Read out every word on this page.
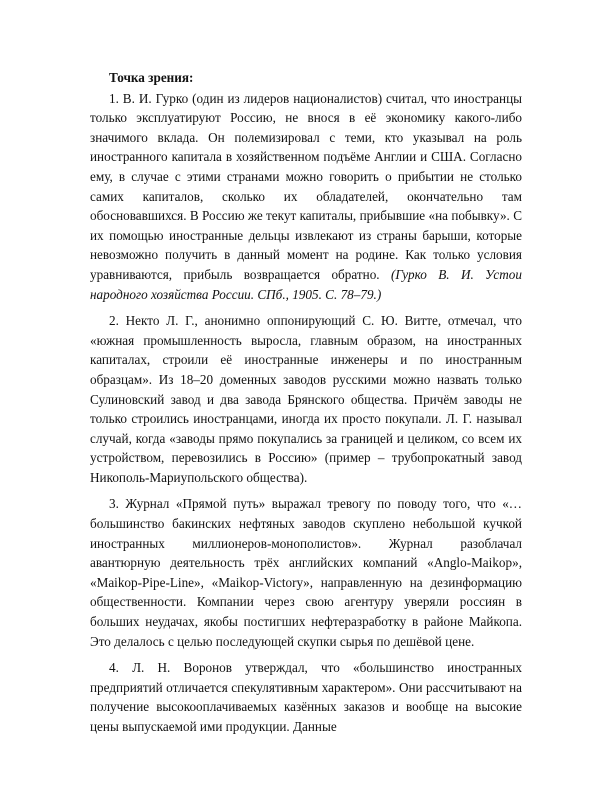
Точка зрения:

1. В. И. Гурко (один из лидеров националистов) считал, что иностранцы только эксплуатируют Россию, не внося в её экономику какого-либо значимого вклада. Он полемизировал с теми, кто указывал на роль иностранного капитала в хозяйственном подъёме Англии и США. Согласно ему, в случае с этими странами можно говорить о прибытии не столько самих капиталов, сколько их обладателей, окончательно там обосновавшихся. В Россию же текут капиталы, прибывшие «на побывку». С их помощью иностранные дельцы извлекают из страны барыши, которые невозможно получить в данный момент на родине. Как только условия уравниваются, прибыль возвращается обратно. (Гурко В. И. Устои народного хозяйства России. СПб., 1905. С. 78–79.)

2. Некто Л. Г., анонимно оппонирующий С. Ю. Витте, отмечал, что «южная промышленность выросла, главным образом, на иностранных капиталах, строили её иностранные инженеры и по иностранным образцам». Из 18–20 доменных заводов русскими можно назвать только Сулиновский завод и два завода Брянского общества. Причём заводы не только строились иностранцами, иногда их просто покупали. Л. Г. называл случай, когда «заводы прямо покупались за границей и целиком, со всем их устройством, перевозились в Россию» (пример – трубопрокатный завод Никополь-Мариупольского общества).

3. Журнал «Прямой путь» выражал тревогу по поводу того, что «…большинство бакинских нефтяных заводов скуплено небольшой кучкой иностранных миллионеров-монополистов». Журнал разоблачал авантюрную деятельность трёх английских компаний «Anglo-Maikop», «Maikop-Pipe-Line», «Maikop-Victory», направленную на дезинформацию общественности. Компании через свою агентуру уверяли россиян в больших неудачах, якобы постигших нефтеразработку в районе Майкопа. Это делалось с целью последующей скупки сырья по дешёвой цене.

4. Л. Н. Воронов утверждал, что «большинство иностранных предприятий отличается спекулятивным характером». Они рассчитывают на получение высокооплачиваемых казённых заказов и вообще на высокие цены выпускаемой ими продукции. Данные
